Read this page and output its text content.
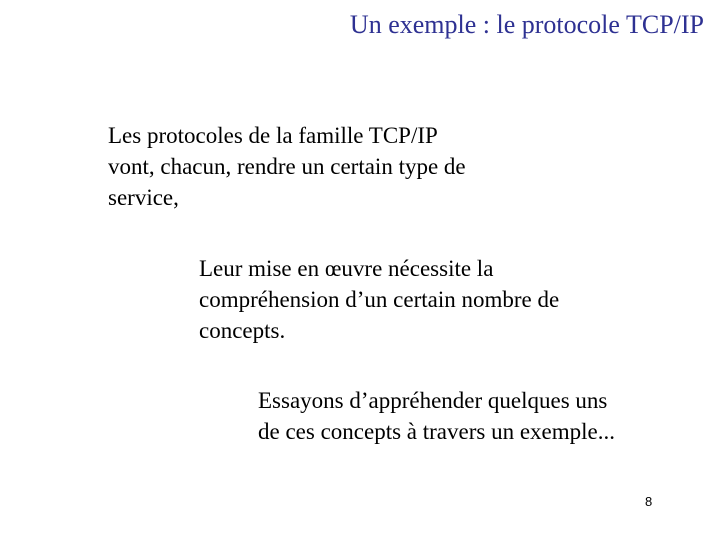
Un exemple : le protocole TCP/IP

Les protocoles de la famille TCP/IP
vont, chacun, rendre un certain type de
service,

Leur mise en œuvre nécessite la
compréhension d’un certain nombre de
concepts.

Essayons d’appréhender quelques uns
de ces concepts à travers un exemple...

8
